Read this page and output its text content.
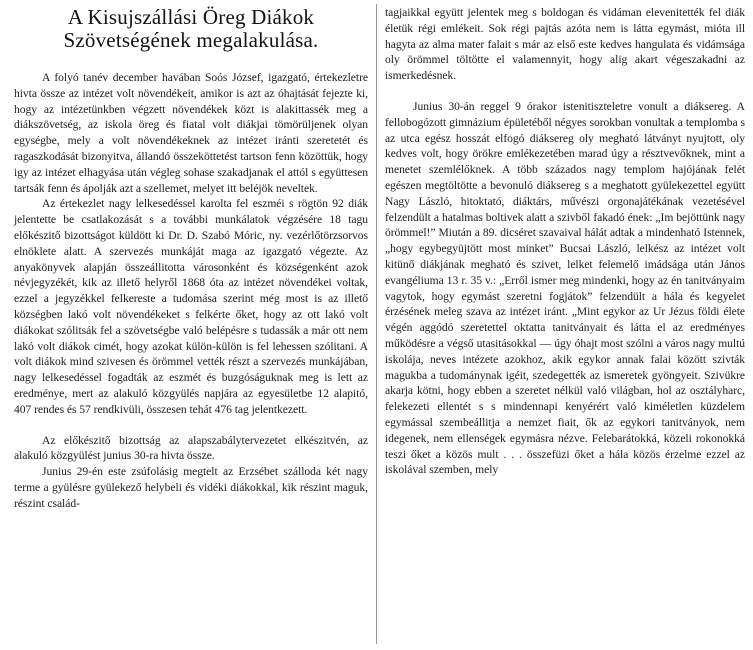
A Kisujszállási Öreg Diákok
Szövetségének megalakulása.

A folyó tanév december havában Soós József, igazgató, értekezletre hivta össze az intézet volt növendékeit, amikor is azt az óhajtását fejezte ki, hogy az intézetünkben végzett növendékek közt is alakittassék meg a diákszövetség, az iskola öreg és fiatal volt diákjai tömörüljenek olyan egységbe, mely a volt növendékeknek az intézet iránti szeretetét és ragaszkodását bizonyitva, állandó összeköttetést tartson fenn közöttük, hogy igy az intézet elhagyása után végleg sohase szakadjanak el attól s együttesen tartsák fenn és ápolják azt a szellemet, melyet itt beléjök neveltek.

Az értekezlet nagy lelkesedéssel karolta fel eszméi s rögtön 92 diák jelentette be csatlakozását s a további munkálatok végzésére 18 tagu előkészitő bizottságot küldött ki Dr. D. Szabó Móric, ny. vezérlőtörzsorvos elnöklete alatt. A szervezés munkáját maga az igazgató végezte. Az anyakönyvek alapján összeállitotta városonként és községenként azok névjegyzékét, kik az illető helyről 1868 óta az intézet növendékei voltak, ezzel a jegyzékkel felkereste a tudomása szerint még most is az illető községben lakó volt növendékeket s felkérte őket, hogy az ott lakó volt diákokat szólitsák fel a szövetségbe való belépésre s tudassák a már ott nem lakó volt diákok cimét, hogy azokat külön-külön is fel lehessen szólitani. A volt diákok mind szivesen és örömmel vették részt a szervezés munkájában, nagy lelkesedéssel fogadták az eszmét és buzgóságuknak meg is lett az eredménye, mert az alakuló közgyülés napjára az egyesületbe 12 alapitó, 407 rendes és 57 rendkivüli, összesen tehát 476 tag jelentkezett.

Az előkészitő bizottság az alapszabálytervezetet elkészitvén, az alakuló közgyülést junius 30-ra hivta össze.

Junius 29-én este zsúfolásig megtelt az Erzsébet szálloda két nagy terme a gyülésre gyülekező helybeli és vidéki diákokkal, kik részint maguk, részint család-

tagjaikkal együtt jelentek meg s boldogan és vidáman elevenitették fel diák életük régi emlékeit. Sok régi pajtás azóta nem is látta egymást, mióta ill hagyta az alma mater falait s már az első este kedves hangulata és vidámsága oly örömmel töltötte el valamennyit, hogy alig akart végeszakadni az ismerkedésnek.

Junius 30-án reggel 9 órakor istenitiszteletre vonult a diáksereg. A fellobogózott gimnázium épületéből négyes sorokban vonultak a templomba s az utca egész hosszát elfogó diáksereg oly megható látványt nyujtott, oly kedves volt, hogy örökre emlékezetében marad úgy a résztvevőknek, mint a menetet szemlélőknek. A több százados nagy templom hajójának felét egészen megtöltötte a bevonuló diáksereg s a meghatott gyülekezettel együtt Nagy László, hitoktató, diáktárs, művészi orgonajátékának vezetésével felzendült a hatalmas boltivek alatt a szivből fakadó ének: „Im bejöttünk nagy örömmel!” Miután a 89. dicséret szavaival hálát adtak a mindenható Istennek, „hogy egybegyüjtött most minket” Bucsai László, lelkész az intézet volt kitünő diákjának megható és szivet, lelket felemelő imádsága után János evangéliuma 13 r. 35 v.: „Erről ismer meg mindenki, hogy az én tanitványaim vagytok, hogy egymást szeretni fogjátok” felzendült a hála és kegyelet érzésének meleg szava az intézet iránt. „Mint egykor az Ur Jézus földi élete végén aggódó szeretettel oktatta tanitványait és látta el az eredményes működésre a végső utasitásokkal — úgy óhajt most szólni a város nagy multú iskolája, neves intézete azokhoz, akik egykor annak falai között szivták magukba a tudománynak igéit, szedegették az ismeretek gyöngyeit. Szivükre akarja kötni, hogy ebben a szeretet nélkül való világban, hol az osztályharc, felekezeti ellentét s s mindennapi kenyérért való kiméletlen küzdelem egymással szembeállitja a nemzet fiait, ők az egykori tanitványok, nem idegenek, nem ellenségek egymásra nézve. Felebarátokká, közeli rokonokká teszi őket a közös mult . . . összefüzi őket a hála közös érzelme ezzel az iskolával szemben, mely
